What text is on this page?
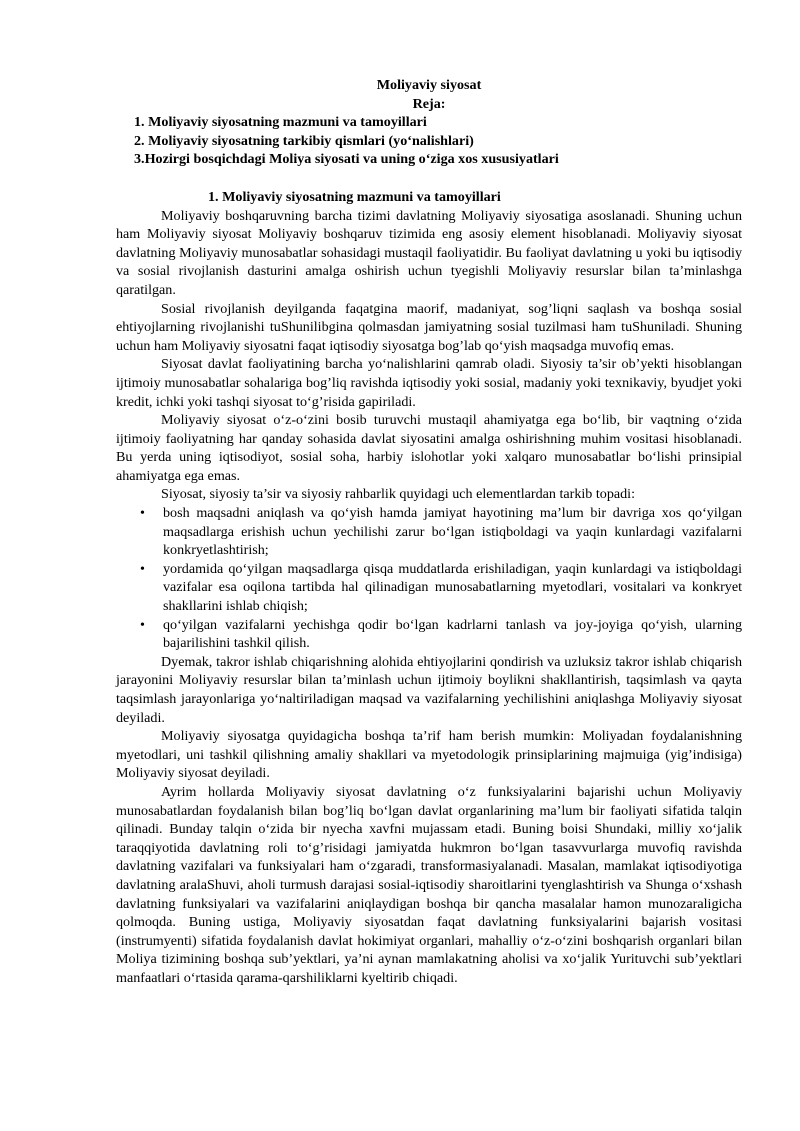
Moliyaviy siyosat
Reja:
1. Moliyaviy siyosatning mazmuni va tamoyillari
2. Moliyaviy siyosatning tarkibiy qismlari (yo‘nalishlari)
3.Hozirgi bosqichdagi Moliya siyosati va uning o‘ziga xos xususiyatlari
1. Moliyaviy siyosatning mazmuni va tamoyillari

Moliyaviy boshqaruvning barcha tizimi davlatning Moliyaviy siyosatiga asoslanadi. Shuning uchun ham Moliyaviy siyosat Moliyaviy boshqaruv tizimida eng asosiy element hisoblanadi. Moliyaviy siyosat davlatning Moliyaviy munosabatlar sohasidagi mustaqil faoliyatidir. Bu faoliyat davlatning u yoki bu iqtisodiy va sosial rivojlanish dasturini amalga oshirish uchun tyegishli Moliyaviy resurslar bilan ta’minlashga qaratilgan.

Sosial rivojlanish deyilganda faqatgina maorif, madaniyat, sog’liqni saqlash va boshqa sosial ehtiyojlarning rivojlanishi tuShunilibgina qolmasdan jamiyatning sosial tuzilmasi ham tuShuniladi. Shuning uchun ham Moliyaviy siyosatni faqat iqtisodiy siyosatga bog’lab qo‘yish maqsadga muvofiq emas.

Siyosat davlat faoliyatining barcha yo‘nalishlarini qamrab oladi. Siyosiy ta’sir ob’yekti hisoblangan ijtimoiy munosabatlar sohalariga bog’liq ravishda iqtisodiy yoki sosial, madaniy yoki texnikaviy, byudjet yoki kredit, ichki yoki tashqi siyosat to‘g’risida gapiriladi.

Moliyaviy siyosat o‘z-o‘zini bosib turuvchi mustaqil ahamiyatga ega bo‘lib, bir vaqtning o‘zida ijtimoiy faoliyatning har qanday sohasida davlat siyosatini amalga oshirishning muhim vositasi hisoblanadi. Bu yerda uning iqtisodiyot, sosial soha, harbiy islohotlar yoki xalqaro munosabatlar bo‘lishi prinsipial ahamiyatga ega emas.

Siyosat, siyosiy ta’sir va siyosiy rahbarlik quyidagi uch elementlardan tarkib topadi:

• bosh maqsadni aniqlash va qo‘yish hamda jamiyat hayotining ma’lum bir davriga xos qo‘yilgan maqsadlarga erishish uchun yechilishi zarur bo‘lgan istiqboldagi va yaqin kunlardagi vazifalarni konkryetlashtirish;
• yordamida qo‘yilgan maqsadlarga qisqa muddatlarda erishiladigan, yaqin kunlardagi va istiqboldagi vazifalar esa oqilona tartibda hal qilinadigan munosabatlarning myetodlari, vositalari va konkryet shakllarini ishlab chiqish;
• qo‘yilgan vazifalarni yechishga qodir bo‘lgan kadrlarni tanlash va joy-joyiga qo‘yish, ularning bajarilishini tashkil qilish.

Dyemak, takror ishlab chiqarishning alohida ehtiyojlarini qondirish va uzluksiz takror ishlab chiqarish jarayonini Moliyaviy resurslar bilan ta’minlash uchun ijtimoiy boylikni shakllantirish, taqsimlash va qayta taqsimlash jarayonlariga yo‘naltiriladigan maqsad va vazifalarning yechilishini aniqlashga Moliyaviy siyosat deyiladi.

Moliyaviy siyosatga quyidagicha boshqa ta’rif ham berish mumkin: Moliyadan foydalanishning myetodlari, uni tashkil qilishning amaliy shakllari va myetodologik prinsiplarining majmuiga (yig’indisiga) Moliyaviy siyosat deyiladi.

Ayrim hollarda Moliyaviy siyosat davlatning o‘z funksiyalarini bajarishi uchun Moliyaviy munosabatlardan foydalanish bilan bog’liq bo‘lgan davlat organlarining ma’lum bir faoliyati sifatida talqin qilinadi. Bunday talqin o‘zida bir nyecha xavfni mujassam etadi. Buning boisi Shundaki, milliy xo‘jalik taraqqiyotida davlatning roli to‘g’risidagi jamiyatda hukmron bo‘lgan tasavvurlarga muvofiq ravishda davlatning vazifalari va funksiyalari ham o‘zgaradi, transformasiyalanadi. Masalan, mamlakat iqtisodiyotiga davlatning aralaShuvi, aholi turmush darajasi sosial-iqtisodiy sharoitlarini tyenglashtirish va Shunga o‘xshash davlatning funksiyalari va vazifalarini aniqlaydigan boshqa bir qancha masalalar hamon munozaraligicha qolmoqda. Buning ustiga, Moliyaviy siyosatdan faqat davlatning funksiyalarini bajarish vositasi (instrumyenti) sifatida foydalanish davlat hokimiyat organlari, mahalliy o‘z-o‘zini boshqarish organlari bilan Moliya tizimining boshqa sub’yektlari, ya’ni aynan mamlakatning aholisi va xo‘jalik Yurituvchi sub’yektlari manfaatlari o‘rtasida qarama-qarshiliklarni kyeltirib chiqadi.
